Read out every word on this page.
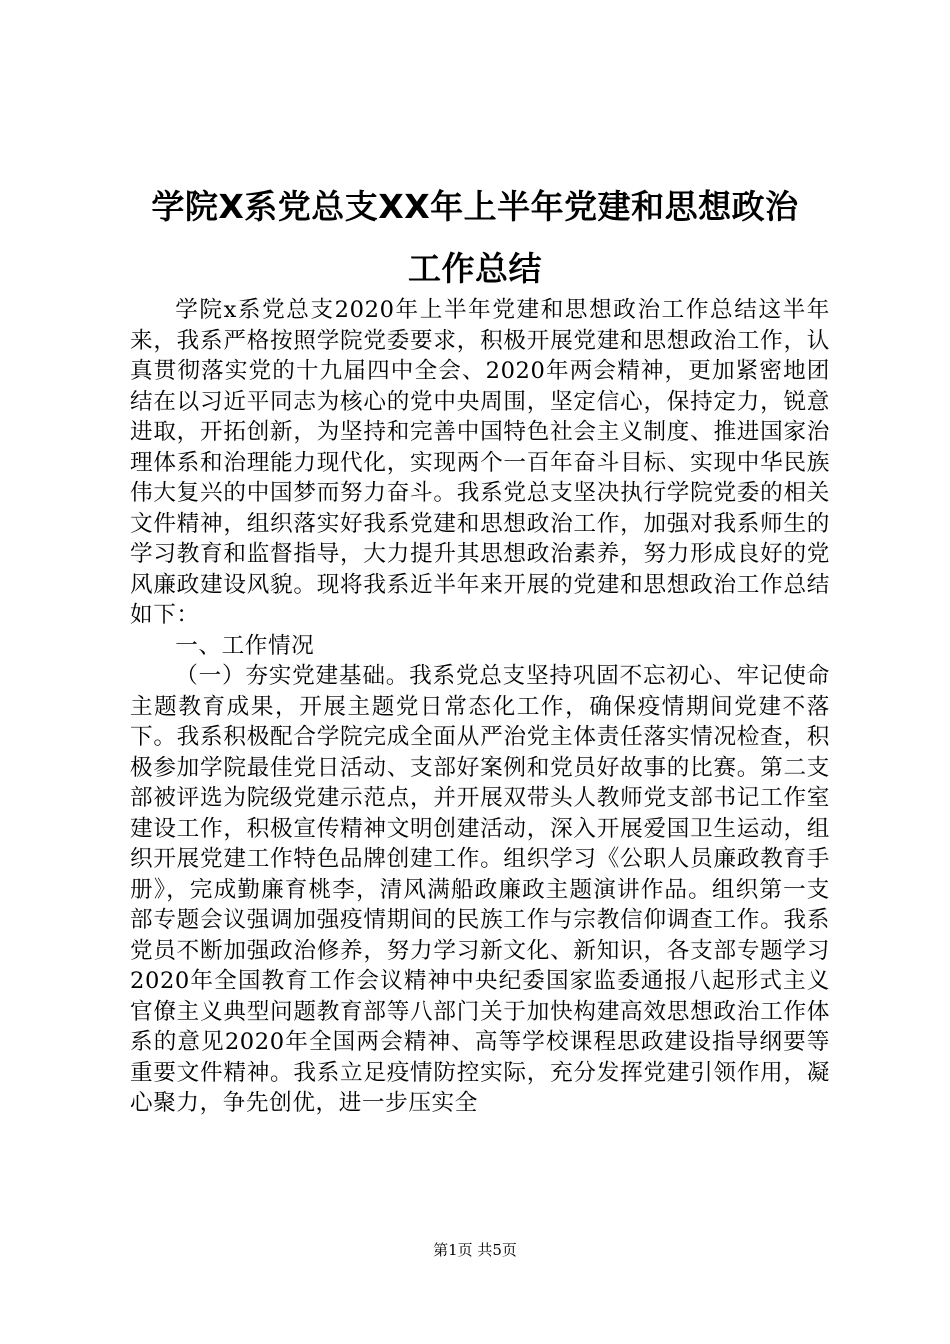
学院X系党总支XX年上半年党建和思想政治
工作总结

学院x系党总支2020年上半年党建和思想政治工作总结这半年来，我系严格按照学院党委要求，积极开展党建和思想政治工作，认真贯彻落实党的十九届四中全会、2020年两会精神，更加紧密地团结在以习近平同志为核心的党中央周围，坚定信心，保持定力，锐意进取，开拓创新，为坚持和完善中国特色社会主义制度、推进国家治理体系和治理能力现代化，实现两个一百年奋斗目标、实现中华民族伟大复兴的中国梦而努力奋斗。我系党总支坚决执行学院党委的相关文件精神，组织落实好我系党建和思想政治工作，加强对我系师生的学习教育和监督指导，大力提升其思想政治素养，努力形成良好的党风廉政建设风貌。现将我系近半年来开展的党建和思想政治工作总结如下：

一、工作情况

（一）夯实党建基础。我系党总支坚持巩固不忘初心、牢记使命主题教育成果，开展主题党日常态化工作，确保疫情期间党建不落下。我系积极配合学院完成全面从严治党主体责任落实情况检查，积极参加学院最佳党日活动、支部好案例和党员好故事的比赛。第二支部被评选为院级党建示范点，并开展双带头人教师党支部书记工作室建设工作，积极宣传精神文明创建活动，深入开展爱国卫生运动，组织开展党建工作特色品牌创建工作。组织学习《公职人员廉政教育手册》，完成勤廉育桃李，清风满船政廉政主题演讲作品。组织第一支部专题会议强调加强疫情期间的民族工作与宗教信仰调查工作。我系党员不断加强政治修养，努力学习新文化、新知识，各支部专题学习2020年全国教育工作会议精神中央纪委国家监委通报八起形式主义官僚主义典型问题教育部等八部门关于加快构建高效思想政治工作体系的意见2020年全国两会精神、高等学校课程思政建设指导纲要等重要文件精神。我系立足疫情防控实际，充分发挥党建引领作用，凝心聚力，争先创优，进一步压实全

第1页 共5页
